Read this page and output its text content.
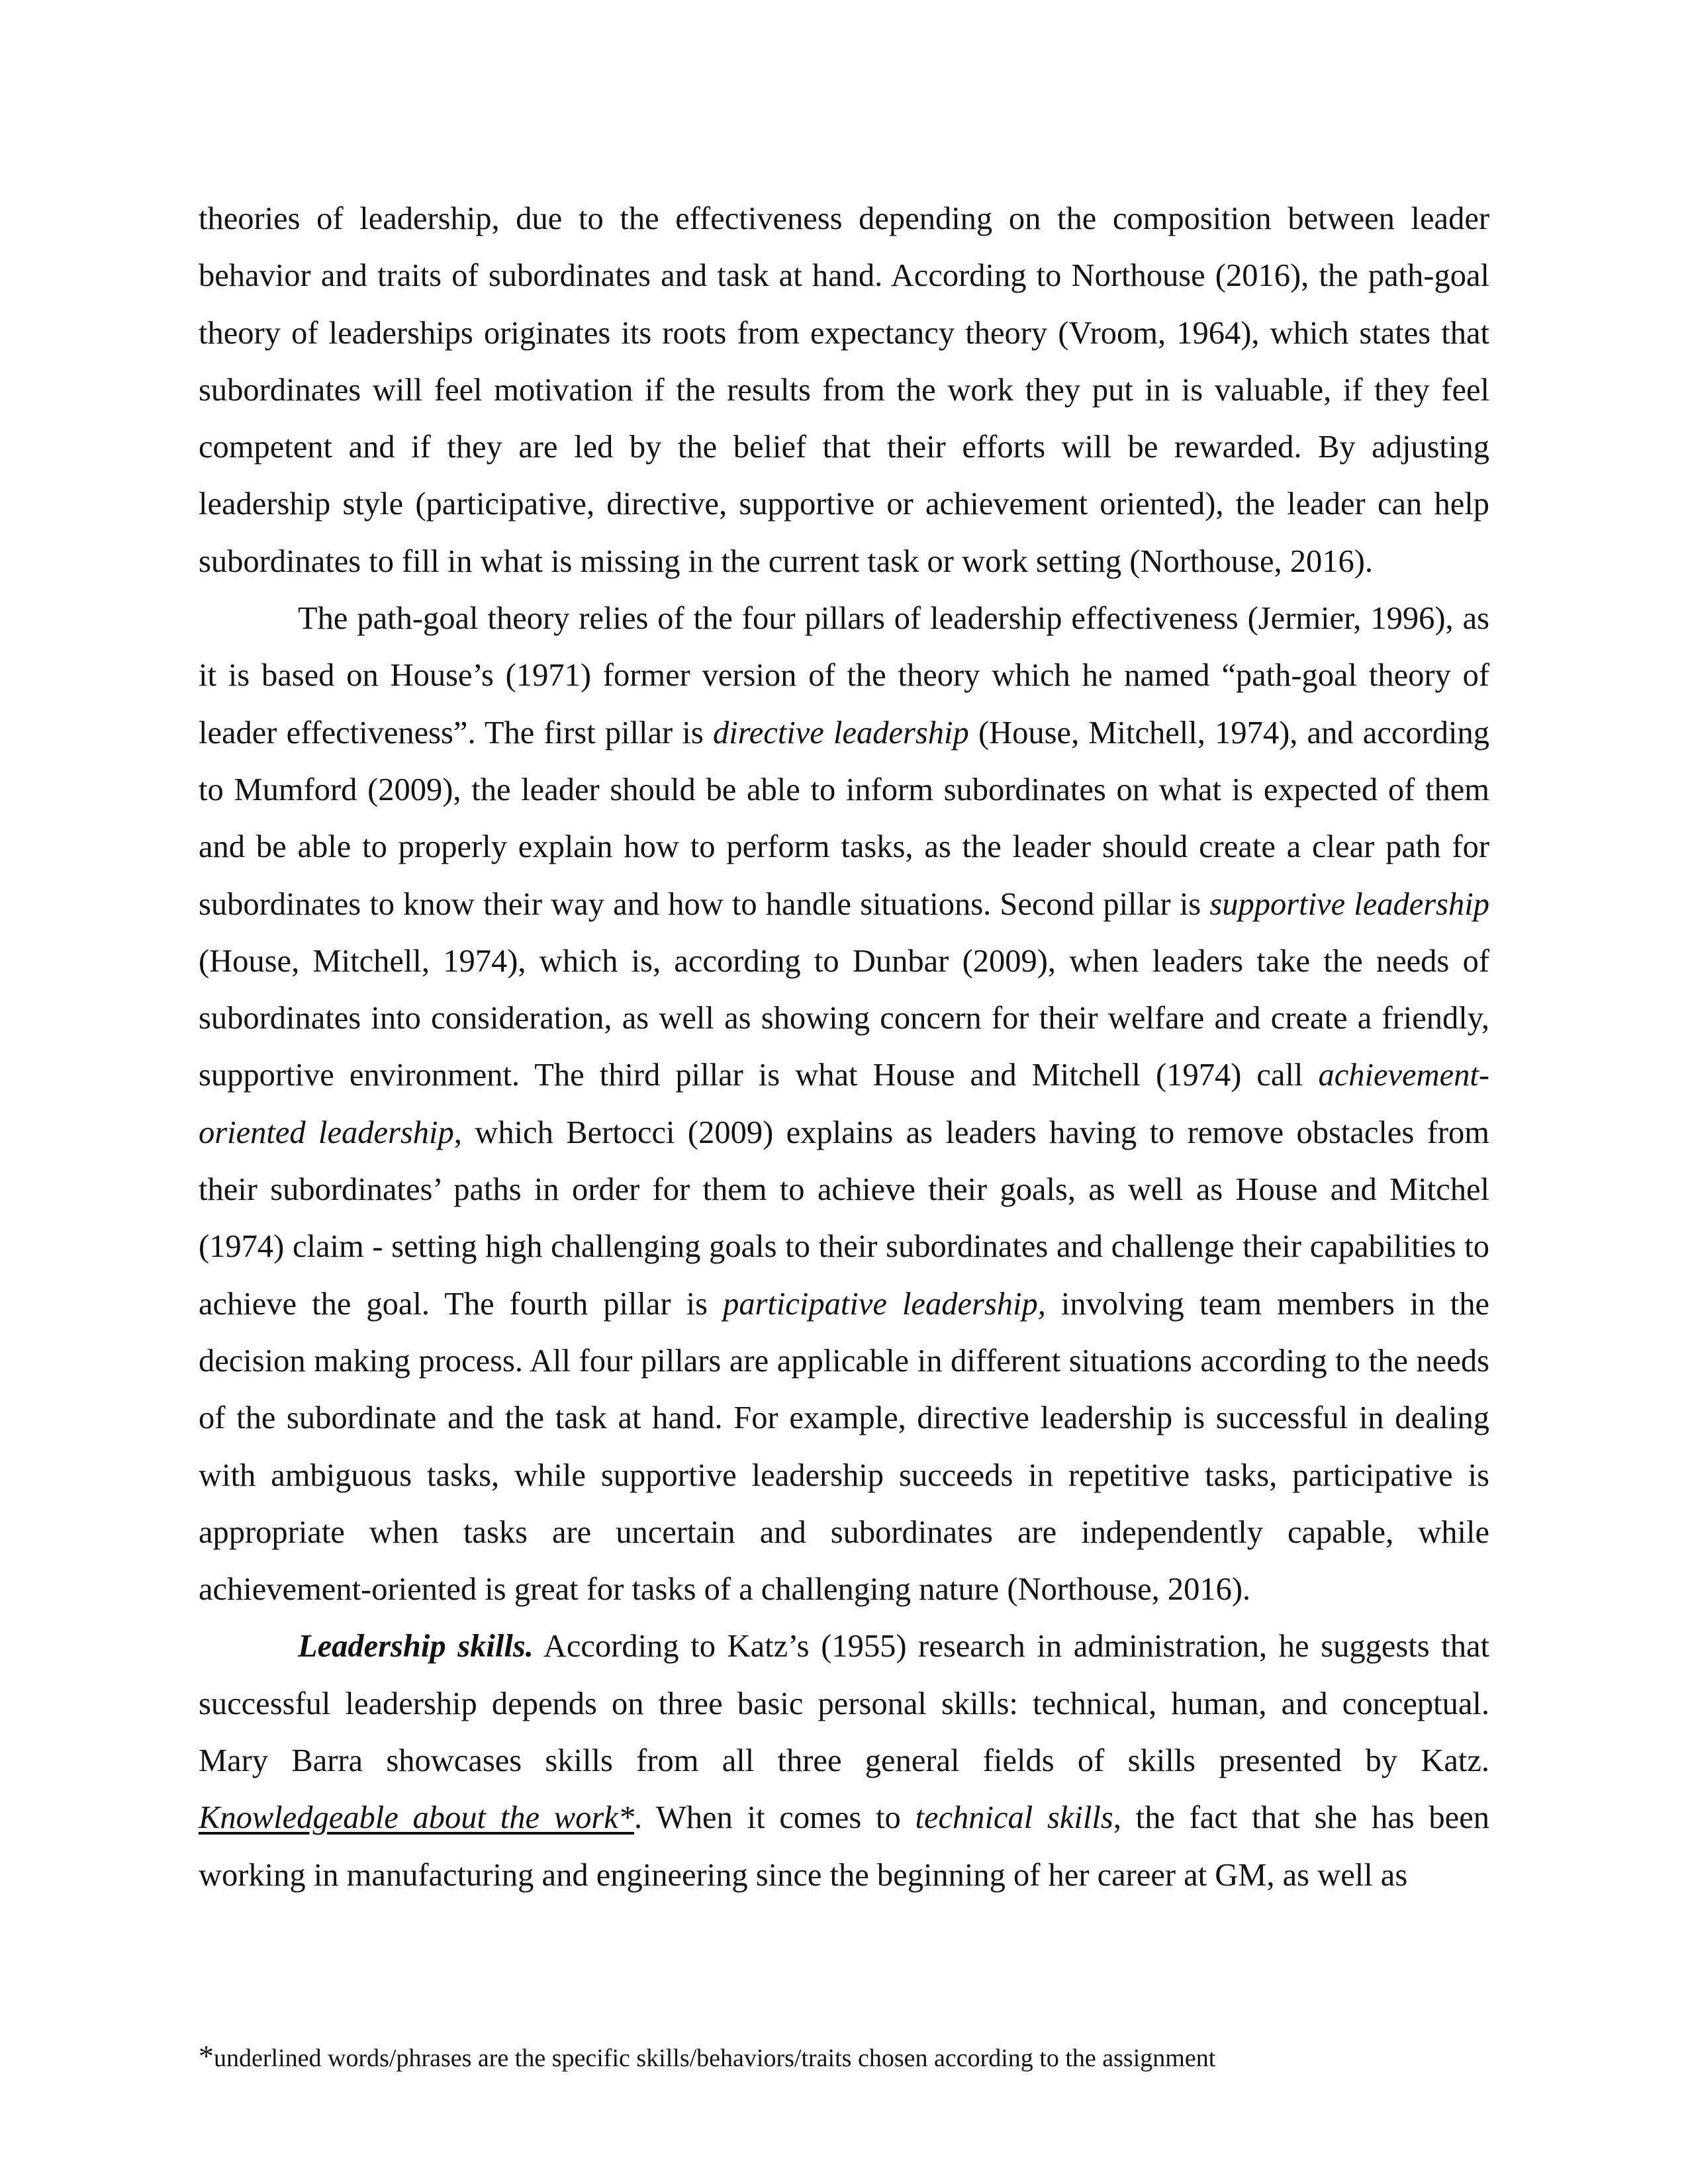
theories of leadership, due to the effectiveness depending on the composition between leader behavior and traits of subordinates and task at hand. According to Northouse (2016), the path-goal theory of leaderships originates its roots from expectancy theory (Vroom, 1964), which states that subordinates will feel motivation if the results from the work they put in is valuable, if they feel competent and if they are led by the belief that their efforts will be rewarded. By adjusting leadership style (participative, directive, supportive or achievement oriented), the leader can help subordinates to fill in what is missing in the current task or work setting (Northouse, 2016).

The path-goal theory relies of the four pillars of leadership effectiveness (Jermier, 1996), as it is based on House’s (1971) former version of the theory which he named “path-goal theory of leader effectiveness”. The first pillar is directive leadership (House, Mitchell, 1974), and according to Mumford (2009), the leader should be able to inform subordinates on what is expected of them and be able to properly explain how to perform tasks, as the leader should create a clear path for subordinates to know their way and how to handle situations. Second pillar is supportive leadership (House, Mitchell, 1974), which is, according to Dunbar (2009), when leaders take the needs of subordinates into consideration, as well as showing concern for their welfare and create a friendly, supportive environment. The third pillar is what House and Mitchell (1974) call achievement-oriented leadership, which Bertocci (2009) explains as leaders having to remove obstacles from their subordinates’ paths in order for them to achieve their goals, as well as House and Mitchel (1974) claim - setting high challenging goals to their subordinates and challenge their capabilities to achieve the goal. The fourth pillar is participative leadership, involving team members in the decision making process. All four pillars are applicable in different situations according to the needs of the subordinate and the task at hand. For example, directive leadership is successful in dealing with ambiguous tasks, while supportive leadership succeeds in repetitive tasks, participative is appropriate when tasks are uncertain and subordinates are independently capable, while achievement-oriented is great for tasks of a challenging nature (Northouse, 2016).

Leadership skills. According to Katz’s (1955) research in administration, he suggests that successful leadership depends on three basic personal skills: technical, human, and conceptual. Mary Barra showcases skills from all three general fields of skills presented by Katz. Knowledgeable about the work*. When it comes to technical skills, the fact that she has been working in manufacturing and engineering since the beginning of her career at GM, as well as

*underlined words/phrases are the specific skills/behaviors/traits chosen according to the assignment
